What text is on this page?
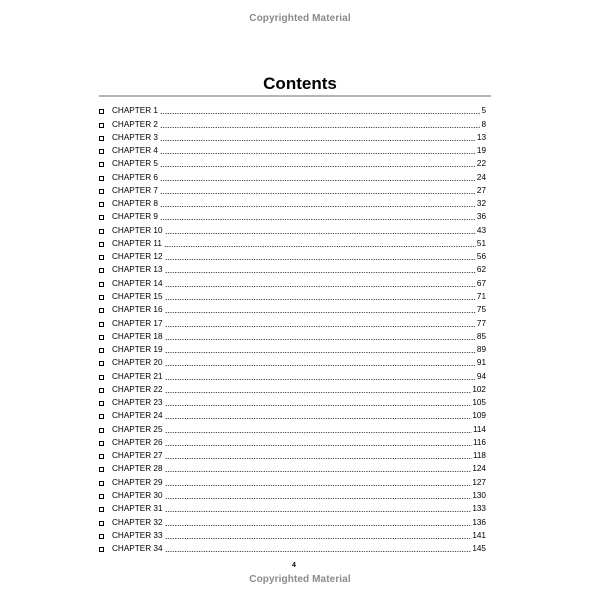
Copyrighted Material
Contents
CHAPTER 1	5
CHAPTER 2	8
CHAPTER 3	13
CHAPTER 4	19
CHAPTER 5	22
CHAPTER 6	24
CHAPTER 7	27
CHAPTER 8	32
CHAPTER 9	36
CHAPTER 10	43
CHAPTER 11	51
CHAPTER 12	56
CHAPTER 13	62
CHAPTER 14	67
CHAPTER 15	71
CHAPTER 16	75
CHAPTER 17	77
CHAPTER 18	85
CHAPTER 19	89
CHAPTER 20	91
CHAPTER 21	94
CHAPTER 22	102
CHAPTER 23	105
CHAPTER 24	109
CHAPTER 25	114
CHAPTER 26	116
CHAPTER 27	118
CHAPTER 28	124
CHAPTER 29	127
CHAPTER 30	130
CHAPTER 31	133
CHAPTER 32	136
CHAPTER 33	141
CHAPTER 34	145
4
Copyrighted Material
